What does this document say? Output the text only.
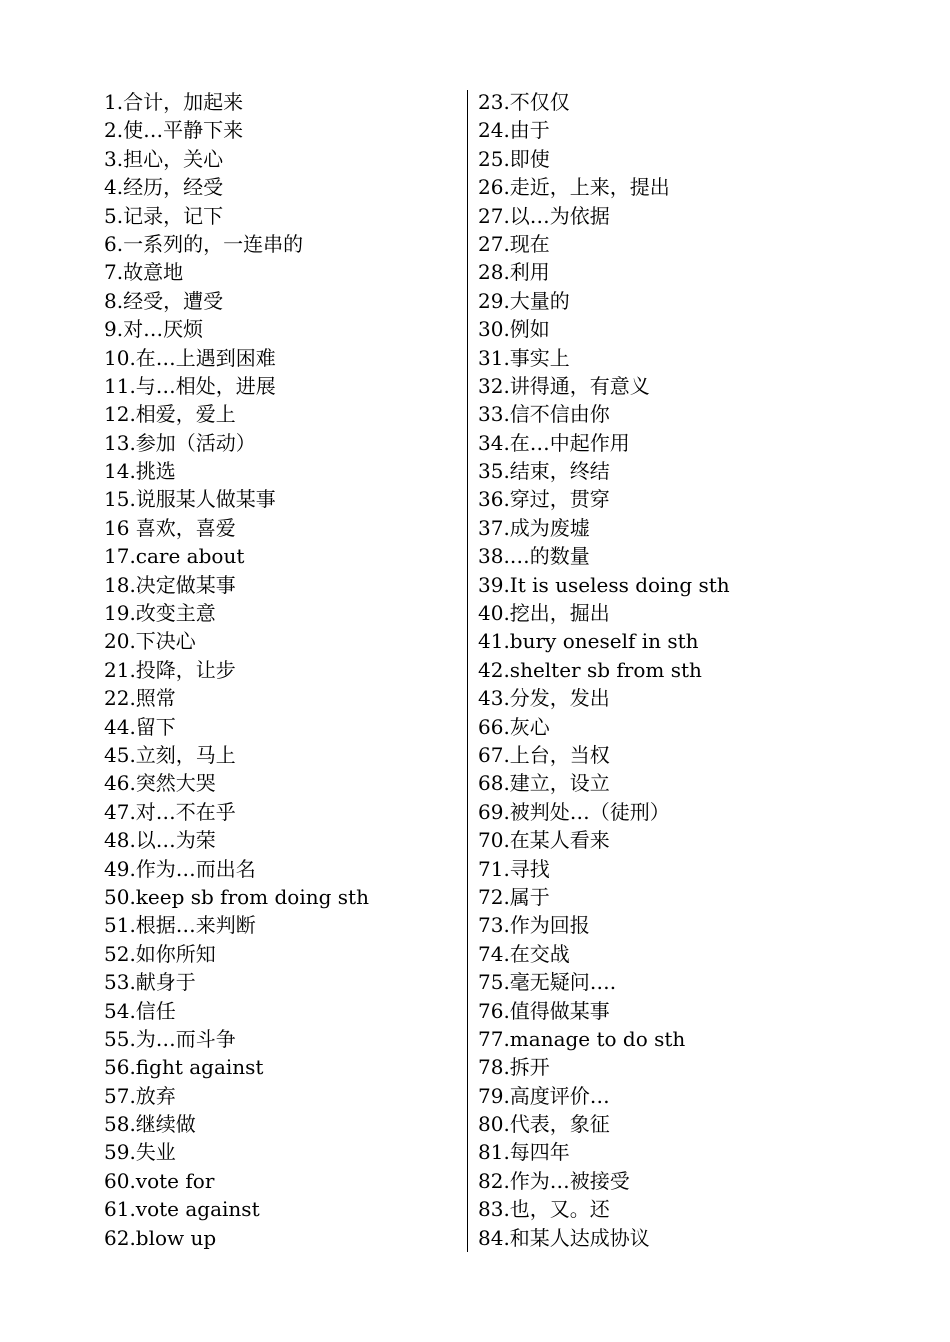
1.合计，加起来
2.使…平静下来
3.担心，关心
4.经历，经受
5.记录，记下
6.一系列的，一连串的
7.故意地
8.经受，遭受
9.对…厌烦
10.在…上遇到困难
11.与…相处，进展
12.相爱，爱上
13.参加（活动）
14.挑选
15.说服某人做某事
16 喜欢，喜爱
17.care about
18.决定做某事
19.改变主意
20.下决心
21.投降，让步
22.照常
44.留下
45.立刻，马上
46.突然大哭
47.对…不在乎
48.以…为荣
49.作为…而出名
50.keep sb from doing sth
51.根据…来判断
52.如你所知
53.献身于
54.信任
55.为…而斗争
56.fight against
57.放弃
58.继续做
59.失业
60.vote for
61.vote against
62.blow up
23.不仅仅
24.由于
25.即使
26.走近，上来，提出
27.以…为依据
27.现在
28.利用
29.大量的
30.例如
31.事实上
32.讲得通，有意义
33.信不信由你
34.在…中起作用
35.结束，终结
36.穿过，贯穿
37.成为废墟
38.…的数量
39.It is useless doing sth
40.挖出，掘出
41.bury oneself in sth
42.shelter sb from sth
43.分发，发出
66.灰心
67.上台，当权
68.建立，设立
69.被判处…（徒刑）
70.在某人看来
71.寻找
72.属于
73.作为回报
74.在交战
75.毫无疑问….
76.值得做某事
77.manage to do sth
78.拆开
79.高度评价…
80.代表，象征
81.每四年
82.作为…被接受
83.也，又。还
84.和某人达成协议
